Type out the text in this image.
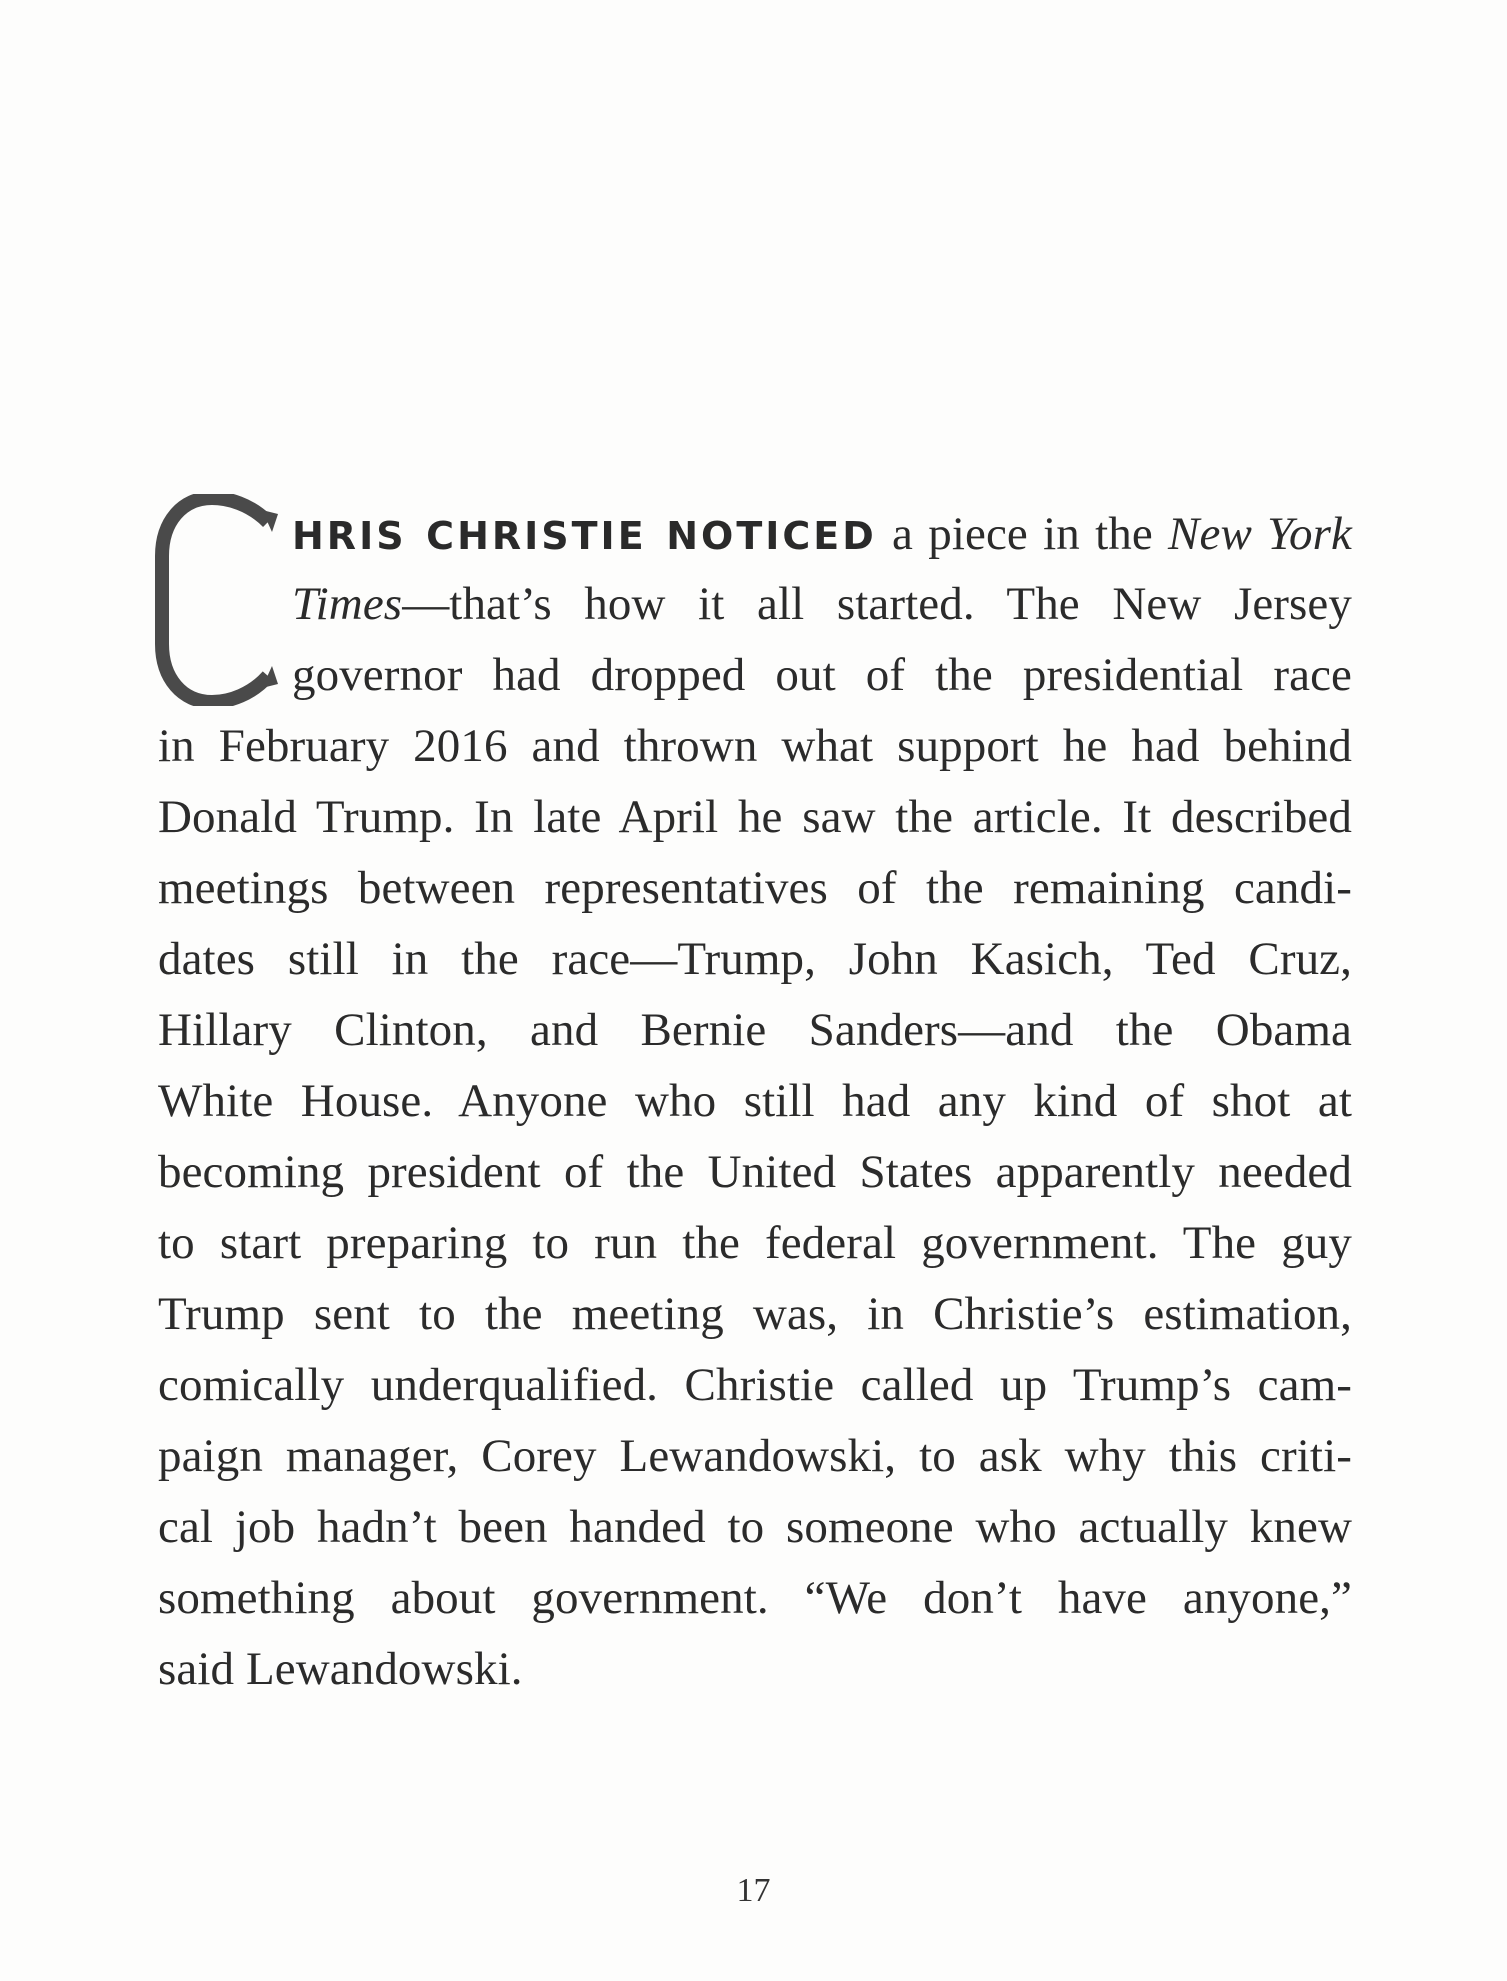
HRIS CHRISTIE NOTICED a piece in the New York
Times—that’s how it all started. The New Jersey
governor had dropped out of the presidential race
in February 2016 and thrown what support he had behind
Donald Trump. In late April he saw the article. It described
meetings between representatives of the remaining candi-
dates still in the race—Trump, John Kasich, Ted Cruz,
Hillary Clinton, and Bernie Sanders—and the Obama
White House. Anyone who still had any kind of shot at
becoming president of the United States apparently needed
to start preparing to run the federal government. The guy
Trump sent to the meeting was, in Christie’s estimation,
comically underqualified. Christie called up Trump’s cam-
paign manager, Corey Lewandowski, to ask why this criti-
cal job hadn’t been handed to someone who actually knew
something about government. “We don’t have anyone,”
said Lewandowski.
17
